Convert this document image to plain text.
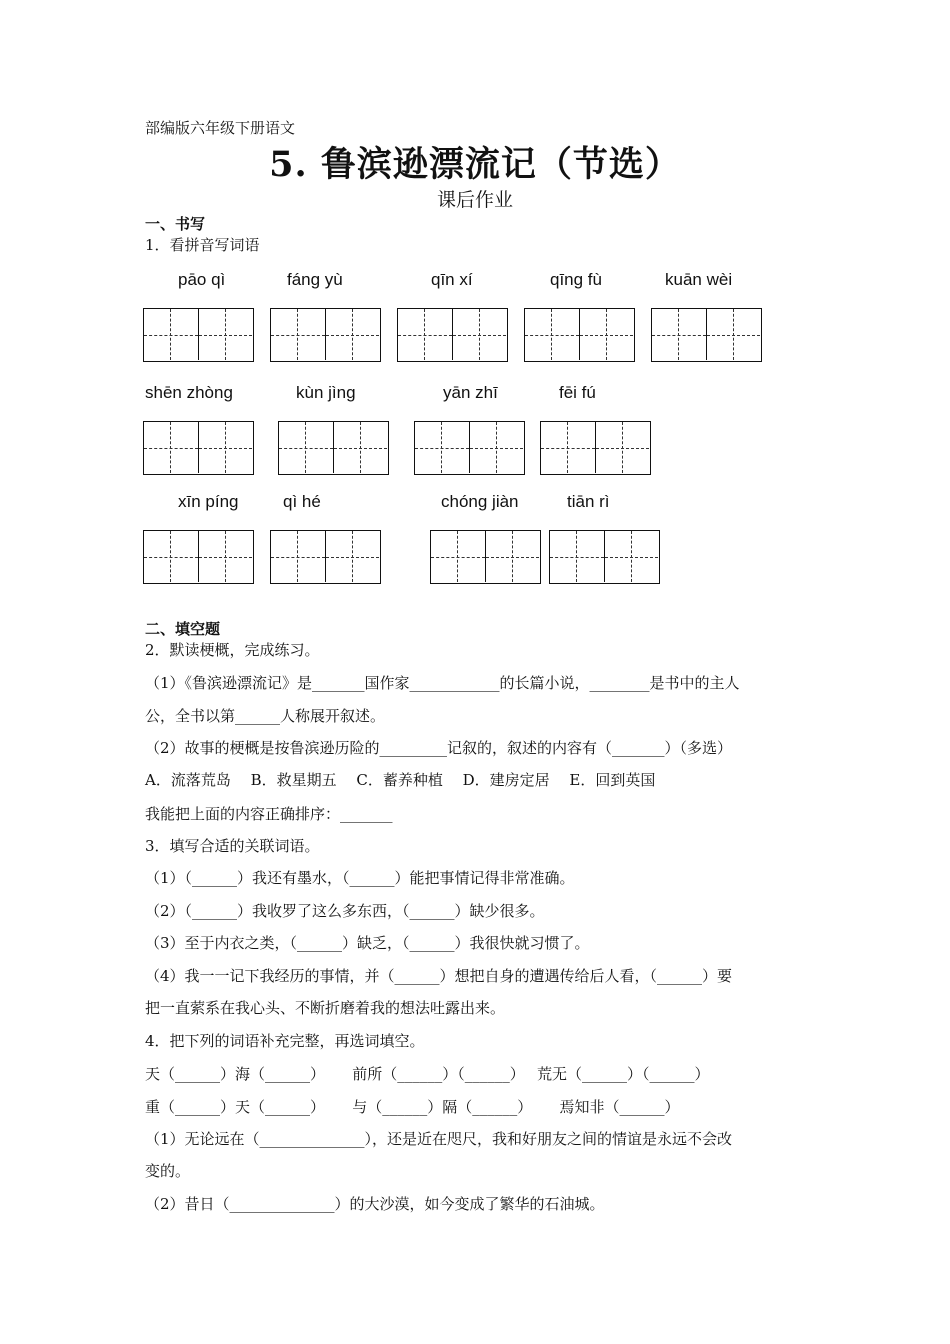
部编版六年级下册语文
5. 鲁滨逊漂流记（节选）
课后作业
一、书写
1．看拼音写词语
pāo qì	fáng yù	qīn xí	qīng fù	kuān wèi
shēn zhòng	kùn jìng	yān zhī	fēi fú
xīn píng	qì hé	chóng jiàn	tiān rì
二、填空题
2．默读梗概，完成练习。
（1）《鲁滨逊漂流记》是_______国作家____________的长篇小说，________是书中的主人
公，全书以第______人称展开叙述。
（2）故事的梗概是按鲁滨逊历险的_________记叙的，叙述的内容有（_______）（多选）
A．流落荒岛　 B．救星期五　 C．蓄养种植　 D．建房定居　 E．回到英国
我能把上面的内容正确排序：_______
3．填写合适的关联词语。
（1）（______）我还有墨水，（______）能把事情记得非常准确。
（2）（______）我收罗了这么多东西，（______）缺少很多。
（3）至于内衣之类，（______）缺乏，（______）我很快就习惯了。
（4）我一一记下我经历的事情，并（______）想把自身的遭遇传给后人看，（______）要
把一直萦系在我心头、不断折磨着我的想法吐露出来。
4．把下列的词语补充完整，再选词填空。
天（______）海（______）　　 前所（______）（______）　 荒无（______）（______）
重（______）天（______）　　 与（______）隔（______）　　 焉知非（______）
（1）无论远在（______________），还是近在咫尺，我和好朋友之间的情谊是永远不会改
变的。
（2）昔日（______________）的大沙漠，如今变成了繁华的石油城。
